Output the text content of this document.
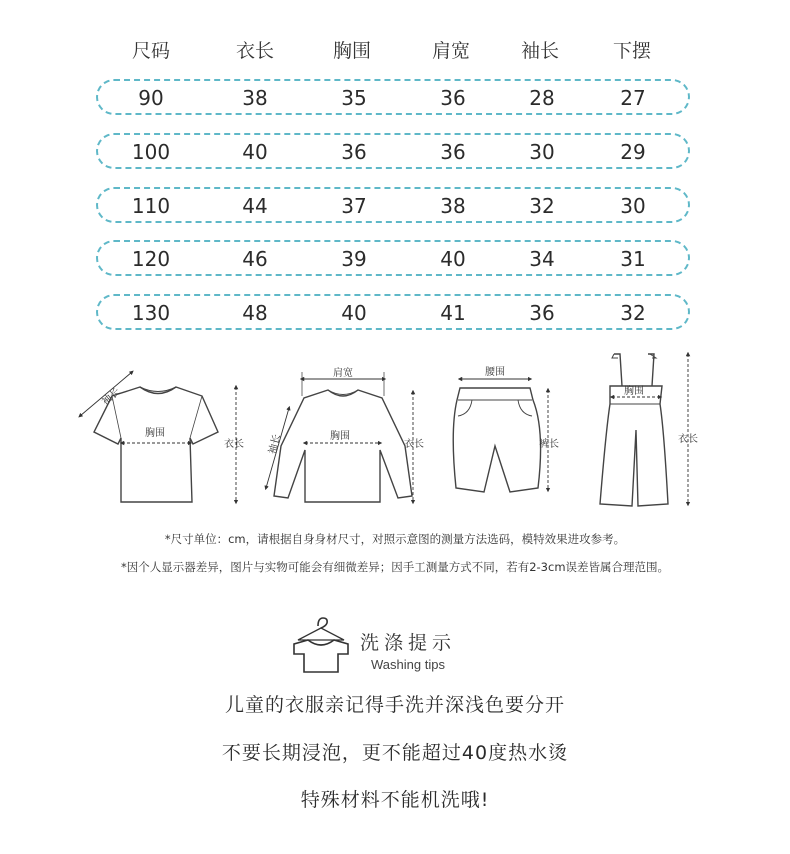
尺码	衣长	胸围	肩宽	袖长	下摆
90	38	35	36	28	27
100	40	36	36	30	29
110	44	37	38	32	30
120	46	39	40	34	31
130	48	40	41	36	32
胸围
袖长
衣长
肩宽
胸围
袖长	衣长
腰围
裤长
胸围
衣长
*尺寸单位：cm，请根据自身身材尺寸，对照示意图的测量方法选码，模特效果进攻参考。
*因个人显示器差异，图片与实物可能会有细微差异；因手工测量方式不同，若有2-3cm误差皆属合理范围。
洗涤提示
Washing tips
儿童的衣服亲记得手洗并深浅色要分开
不要长期浸泡，更不能超过40度热水烫
特殊材料不能机洗哦!
